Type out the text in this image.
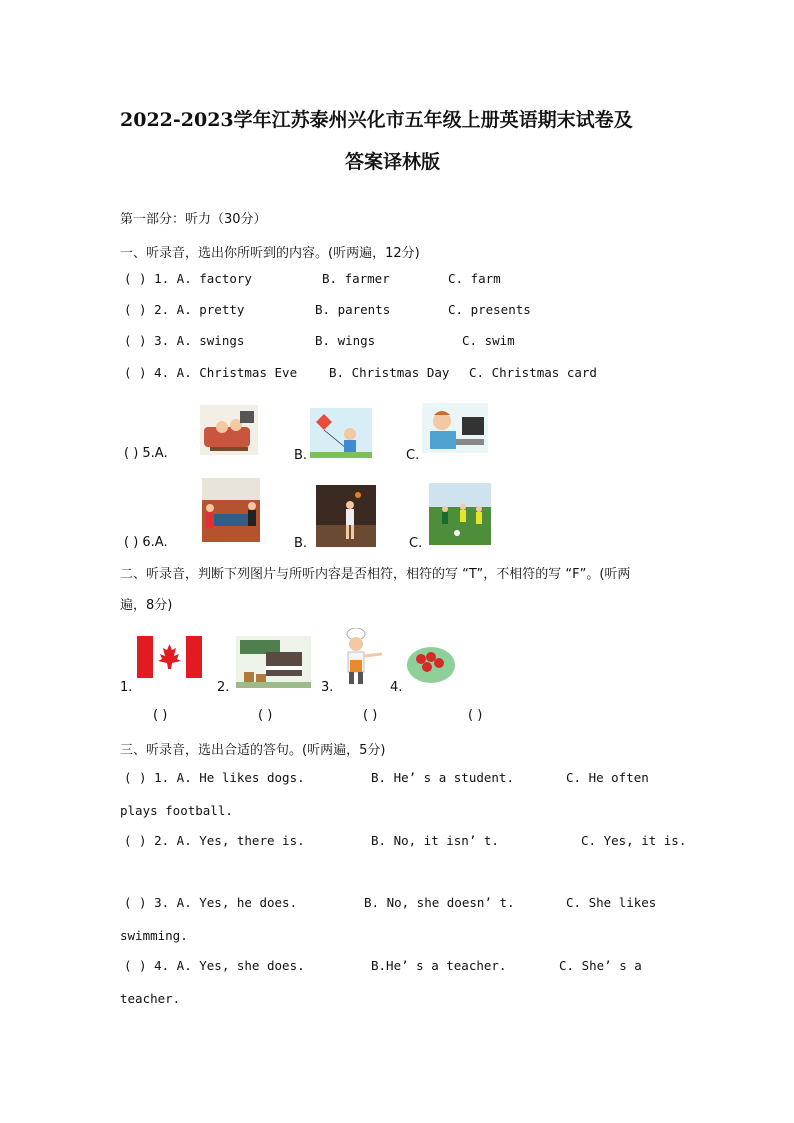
2022-2023学年江苏泰州兴化市五年级上册英语期末试卷及
答案译林版
第一部分：听力（30分）
一、听录音，选出你所听到的内容。(听两遍，12分)
( ) 1. A. factory	B. farmer	C. farm
( ) 2. A. pretty	B. parents	C. presents
( ) 3. A. swings	B. wings	C. swim
( ) 4. A. Christmas Eve	B. Christmas Day C. Christmas card
( ) 5.A.	B.	C.
( ) 6.A.	B.	C.
二、听录音，判断下列图片与所听内容是否相符，相符的写 “T”，不相符的写 “F”。(听两
遍，8分)
1.	2.	3.	4.
( )	( )	( )	( )
三、听录音，选出合适的答句。(听两遍，5分)
( ) 1. A. He likes dogs.	B. He’ s a student.	C. He often
plays football.
( ) 2. A. Yes, there is.	B. No, it isn’ t.	C. Yes, it is.
( ) 3. A. Yes, he does.	B. No, she doesn’ t.	C. She likes
swimming.
( ) 4. A. Yes, she does.	B.He’ s a teacher.	C. She’ s a
teacher.
